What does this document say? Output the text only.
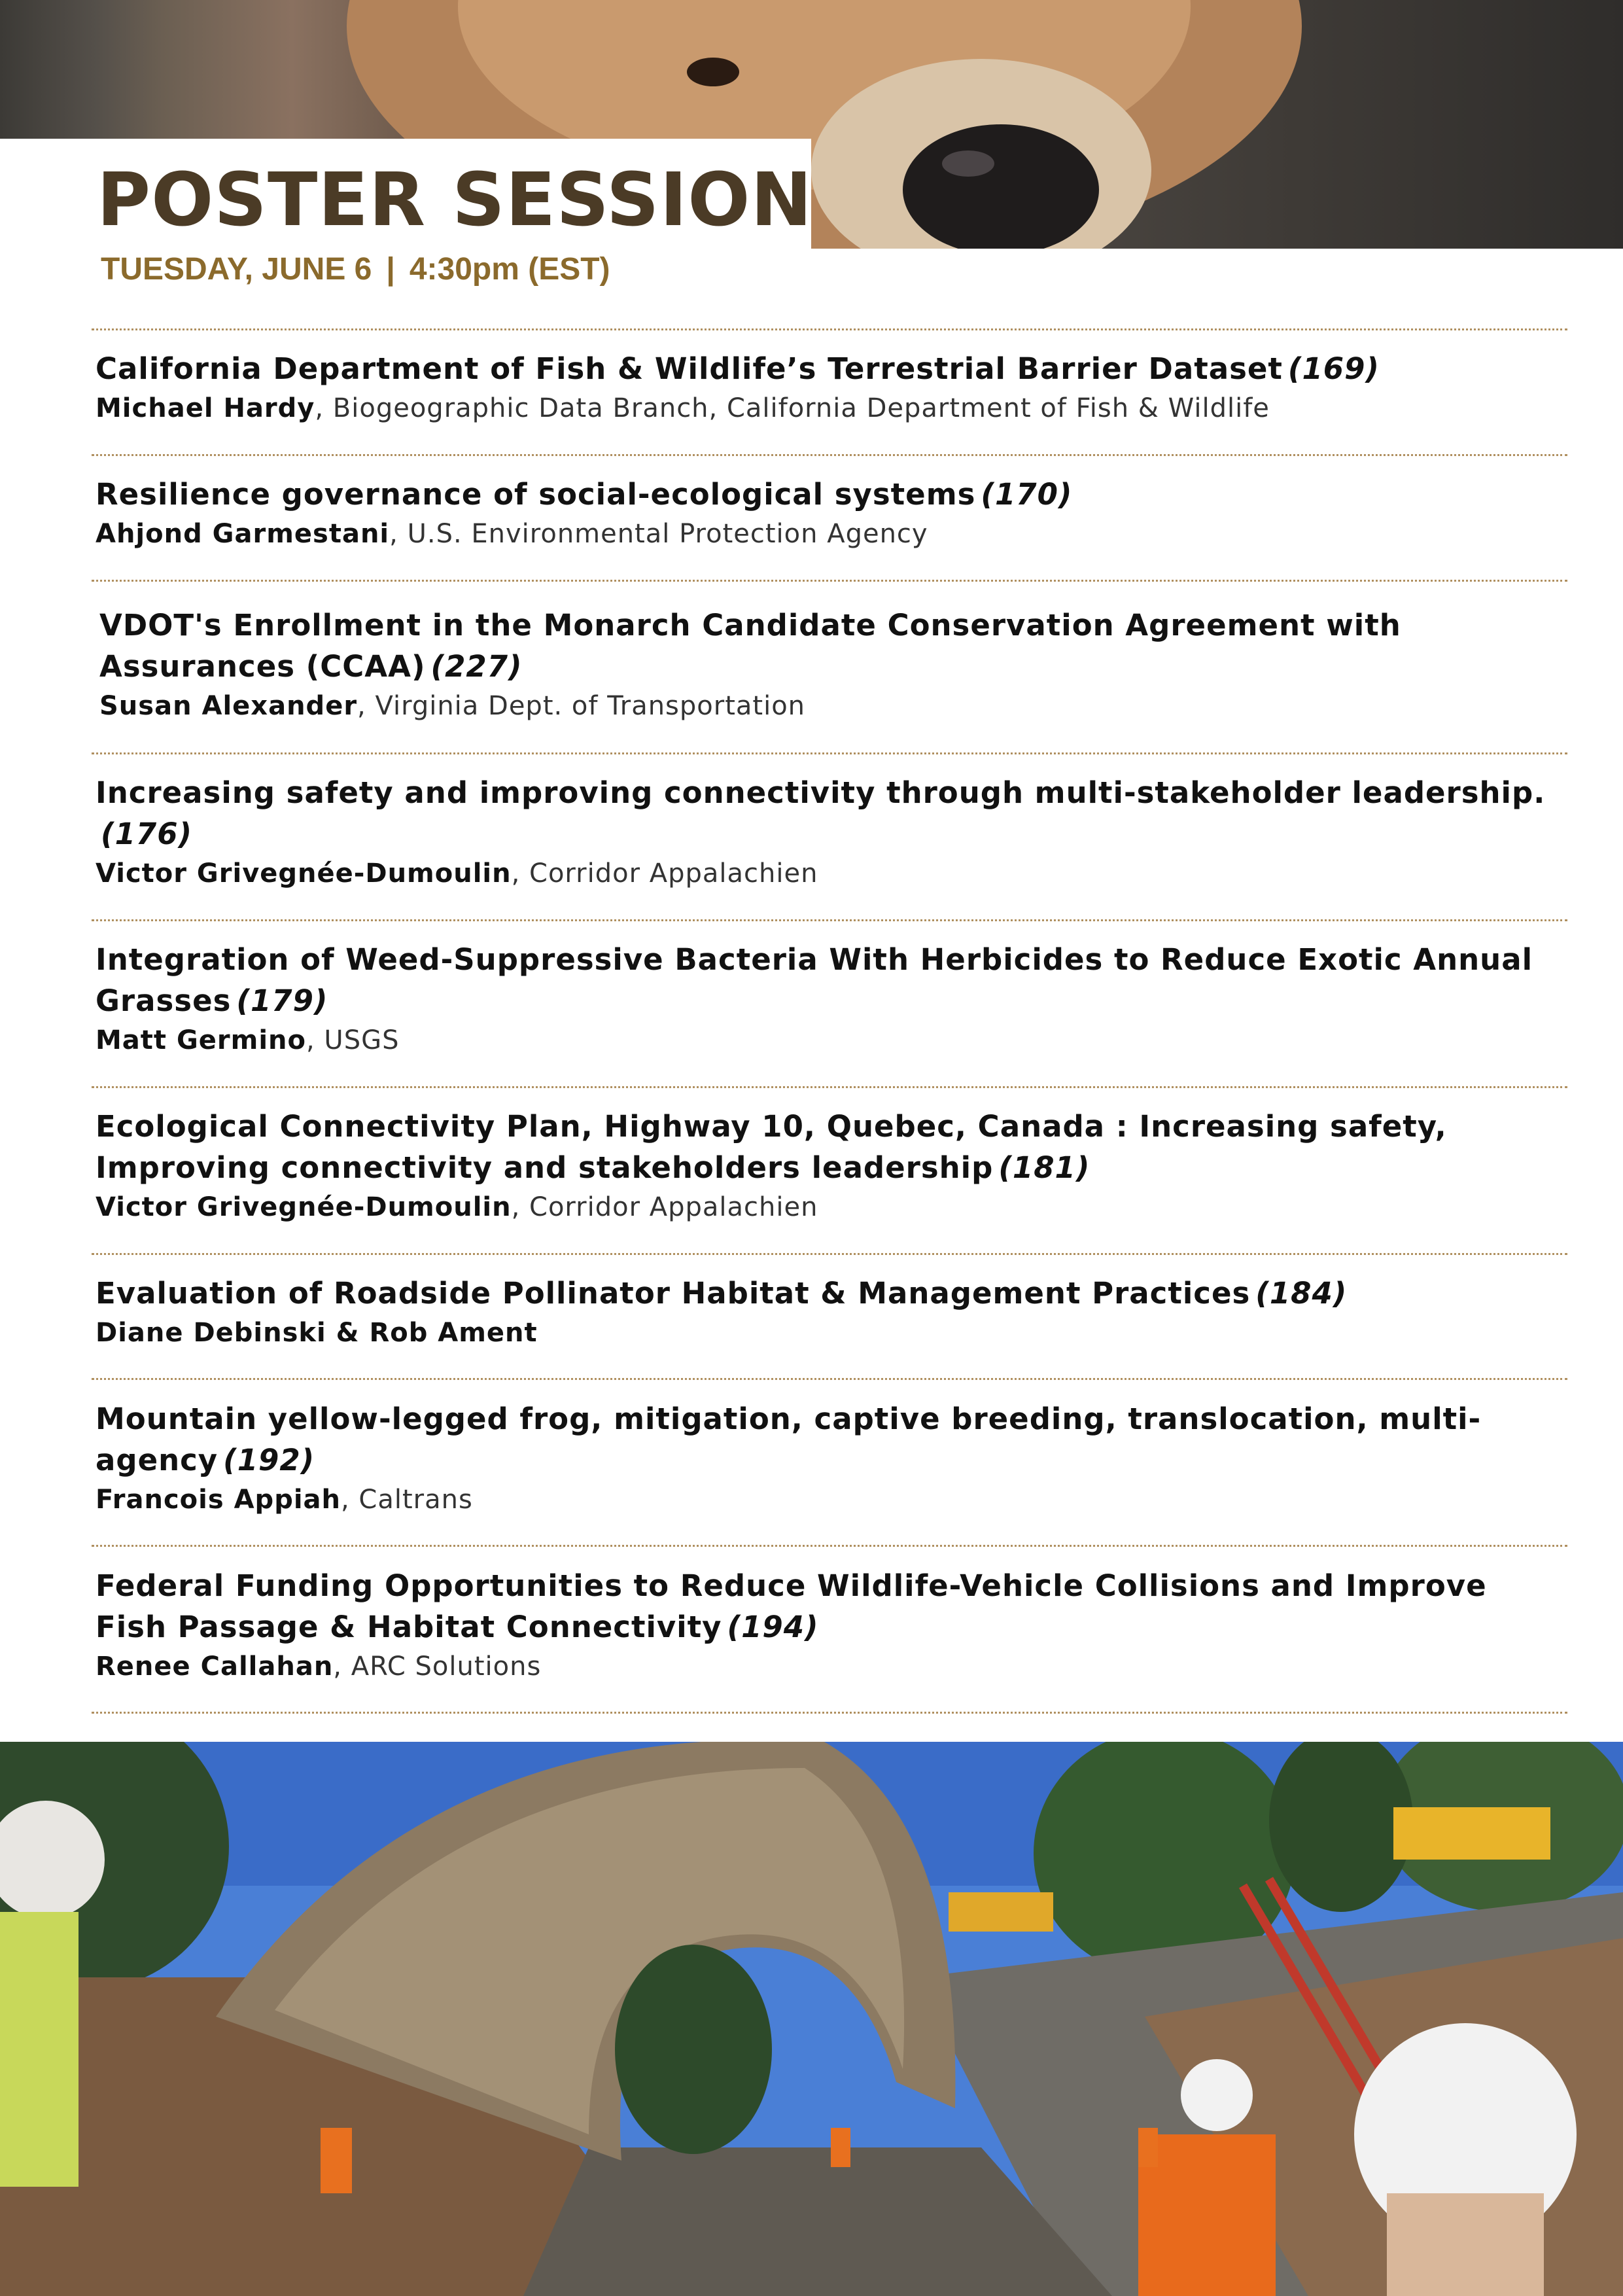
POSTER SESSION
TUESDAY, JUNE 6 | 4:30pm (EST)
California Department of Fish & Wildlife’s Terrestrial Barrier Dataset (169)
Michael Hardy, Biogeographic Data Branch, California Department of Fish & Wildlife
Resilience governance of social-ecological systems (170)
Ahjond Garmestani, U.S. Environmental Protection Agency
VDOT's Enrollment in the Monarch Candidate Conservation Agreement with Assurances (CCAA) (227)
Susan Alexander, Virginia Dept. of Transportation
Increasing safety and improving connectivity through multi-stakeholder leadership.(176)
Victor Grivegnée-Dumoulin, Corridor Appalachien
Integration of Weed-Suppressive Bacteria With Herbicides to Reduce Exotic Annual Grasses (179)
Matt Germino, USGS
Ecological Connectivity Plan, Highway 10, Quebec, Canada : Increasing safety, Improving connectivity and stakeholders leadership (181)
Victor Grivegnée-Dumoulin, Corridor Appalachien
Evaluation of Roadside Pollinator Habitat & Management Practices (184)
Diane Debinski & Rob Ament
Mountain yellow-legged frog, mitigation, captive breeding, translocation, multi-agency (192)
Francois Appiah, Caltrans
Federal Funding Opportunities to Reduce Wildlife-Vehicle Collisions and Improve Fish Passage & Habitat Connectivity (194)
Renee Callahan, ARC Solutions
